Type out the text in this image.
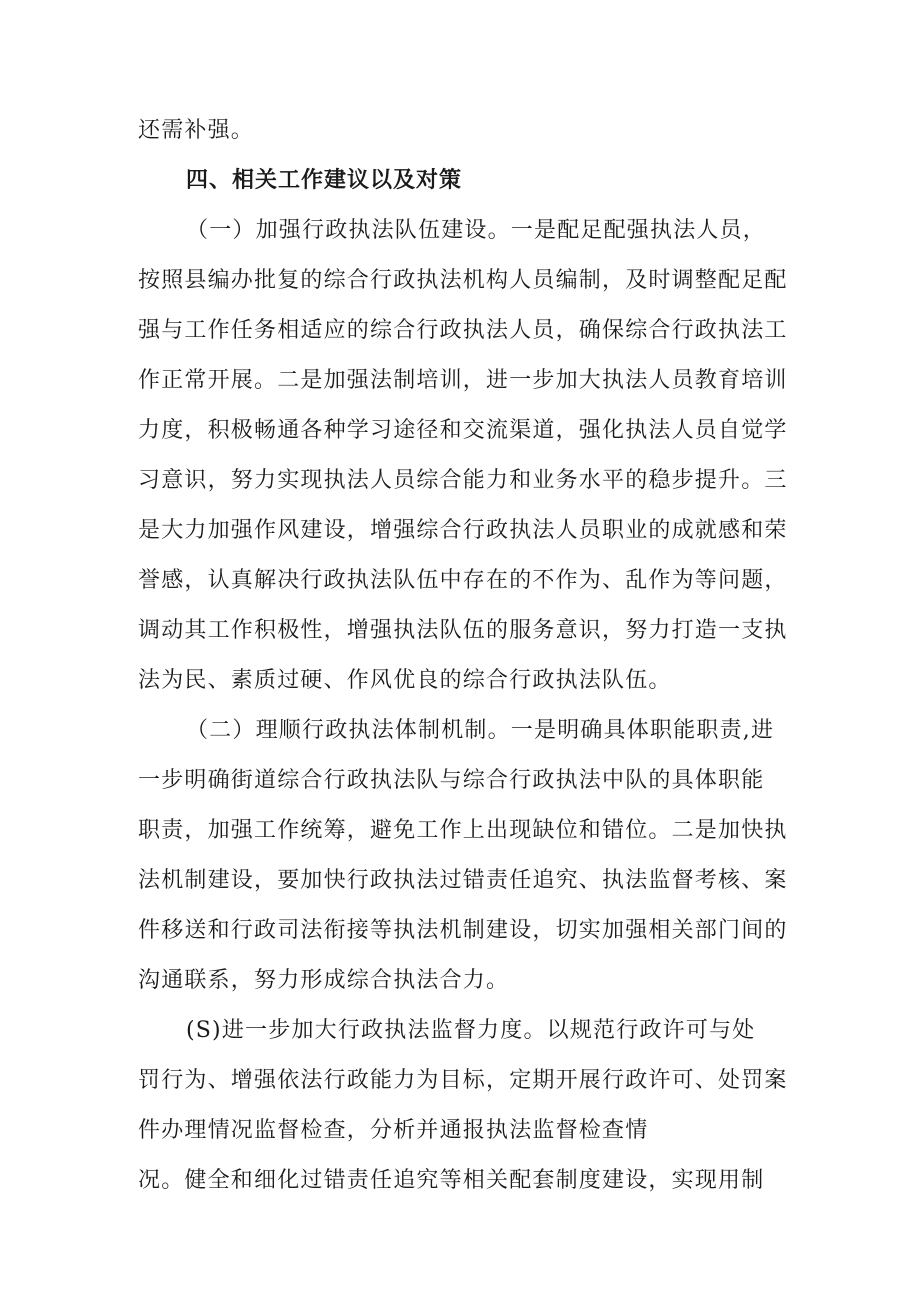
还需补强。
四、相关工作建议以及对策
（一）加强行政执法队伍建设。一是配足配强执法人员，
按照县编办批复的综合行政执法机构人员编制，及时调整配足配
强与工作任务相适应的综合行政执法人员，确保综合行政执法工
作正常开展。二是加强法制培训，进一步加大执法人员教育培训
力度，积极畅通各种学习途径和交流渠道，强化执法人员自觉学
习意识，努力实现执法人员综合能力和业务水平的稳步提升。三
是大力加强作风建设，增强综合行政执法人员职业的成就感和荣
誉感，认真解决行政执法队伍中存在的不作为、乱作为等问题，
调动其工作积极性，增强执法队伍的服务意识，努力打造一支执
法为民、素质过硬、作风优良的综合行政执法队伍。
（二）理顺行政执法体制机制。一是明确具体职能职责,进
一步明确街道综合行政执法队与综合行政执法中队的具体职能
职责，加强工作统筹，避免工作上出现缺位和错位。二是加快执
法机制建设，要加快行政执法过错责任追究、执法监督考核、案
件移送和行政司法衔接等执法机制建设，切实加强相关部门间的
沟通联系，努力形成综合执法合力。
(S)进一步加大行政执法监督力度。以规范行政许可与处
罚行为、增强依法行政能力为目标，定期开展行政许可、处罚案
件办理情况监督检查，分析并通报执法监督检查情
况。健全和细化过错责任追究等相关配套制度建设，实现用制
